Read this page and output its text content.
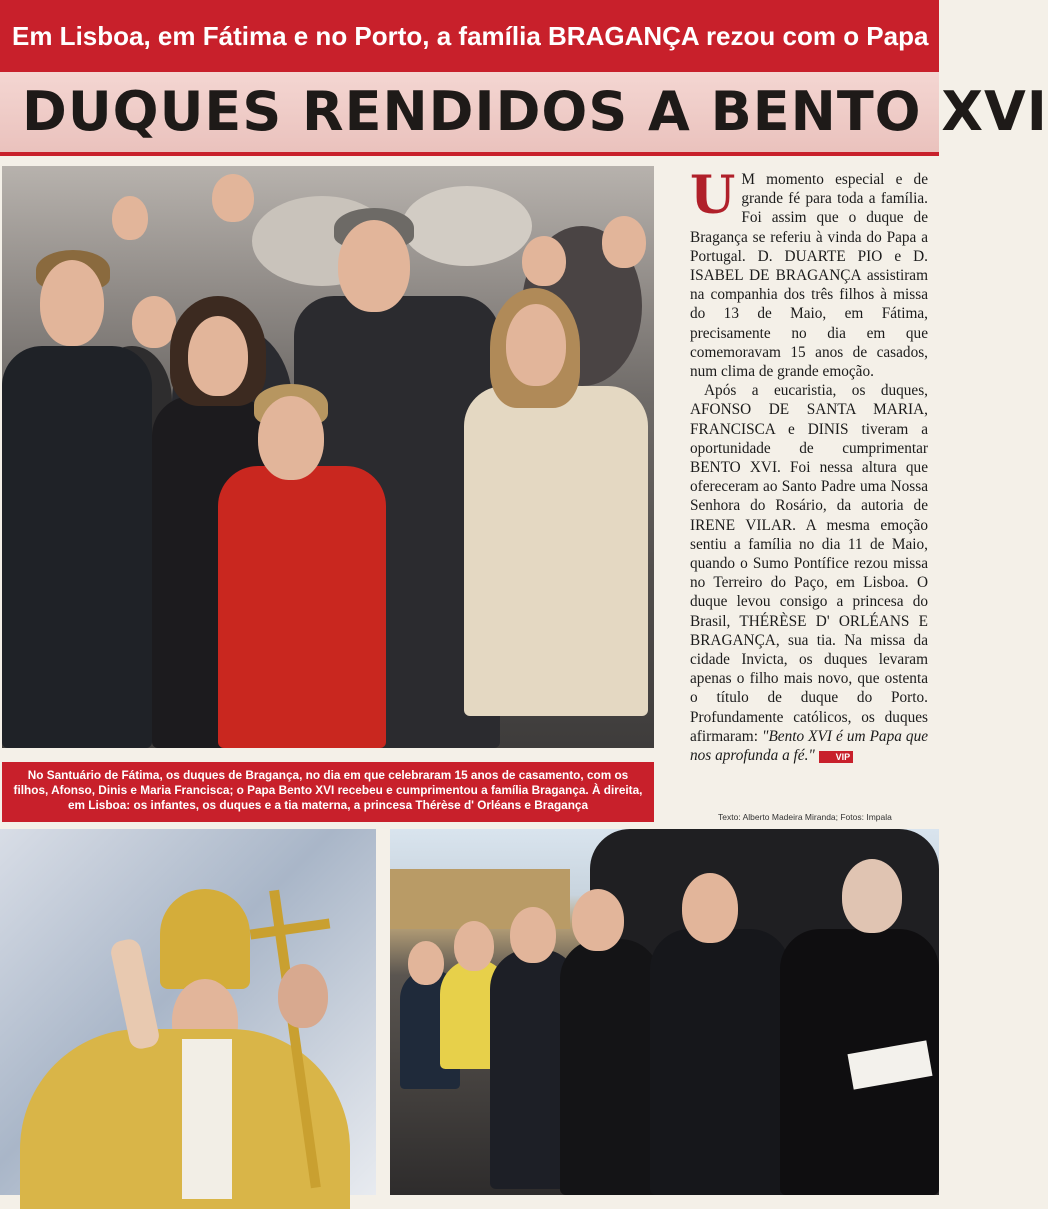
Em Lisboa, em Fátima e no Porto, a família BRAGANÇA rezou com o Papa
DUQUES RENDIDOS A BENTO XVI
No Santuário de Fátima, os duques de Bragança, no dia em que celebraram 15 anos de casamento, com os filhos, Afonso, Dinis e Maria Francisca; o Papa Bento XVI recebeu e cumprimentou a família Bragança. À direita, em Lisboa: os infantes, os duques e a tia materna, a princesa Thérèse d' Orléans e Bragança

U M momento especial e de grande fé para toda a família. Foi assim que o duque de Bragança se referiu à vinda do Papa a Portugal. D. DUARTE PIO e D. ISABEL DE BRAGANÇA assistiram na companhia dos três filhos à missa do 13 de Maio, em Fátima, precisamente no dia em que comemoravam 15 anos de casados, num clima de grande emoção.

Após a eucaristia, os duques, AFONSO DE SANTA MARIA, FRANCISCA e DINIS tiveram a oportunidade de cumprimentar BENTO XVI. Foi nessa altura que ofereceram ao Santo Padre uma Nossa Senhora do Rosário, da autoria de IRENE VILAR. A mesma emoção sentiu a família no dia 11 de Maio, quando o Sumo Pontífice rezou missa no Terreiro do Paço, em Lisboa. O duque levou consigo a princesa do Brasil, THÉRÈSE D' ORLÉANS E BRAGANÇA, sua tia. Na missa da cidade Invicta, os duques levaram apenas o filho mais novo, que ostenta o título de duque do Porto. Profundamente católicos, os duques afirmaram: "Bento XVI é um Papa que nos aprofunda a fé." VIP

Texto: Alberto Madeira Miranda; Fotos: Impala
